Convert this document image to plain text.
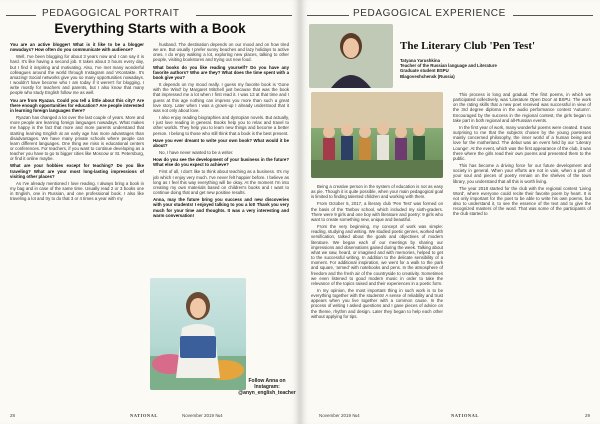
PEDAGOGICAL PORTRAIT
Everything Starts with a Book

You are an active blogger! What is it like to be a blogger nowadays? How often do you communicate with audience?

Well, I've been blogging for about 3 years now and I can say it is hard. It's like having a second job. It takes about 3 hours every day, but I find it inspiring and motivating. Also, I've met many wonderful colleagues around the world through Instagram and VKontakte. It's amazing! Social networks give you so many opportunities nowadays. I wouldn't have become who I am today if it weren't for blogging. I write mostly for teachers and parents, but I also know that many people who study English follow me as well.

You are from Ryazan. Could you tell a little about this city? Are there enough opportunities for education? Are people interested in learning foreign languages there?

Ryazan has changed a lot over the last couple of years. More and more people are learning foreign languages nowadays. What makes me happy is the fact that more and more parents understand that starting learning English at an early age has more advantages than disadvantages. We have many private schools where people can learn different languages. One thing we miss is educational centers or conferences. For teachers, if you want to continue developing as a teacher you have to go to bigger cities like Moscow or St. Petersburg, or find it online maybe.

What are your hobbies except for teaching? Do you like traveling? What are your most long-lasting impressions of visiting other places?

As I've already mentioned I love reading. I always bring a book in my bag and in case of the same time. Usually read 2 or 3 books one in English, one in Russian, and one professional book. I also like traveling a lot and try to do that 3 or 4 times a year with my

husband. The destination depends on our mood and on how tired we are. But usually I prefer sunny beaches and lazy holidays to active ones. I do enjoy walking a lot, exploring new places, talking to other people, visiting bookstores and trying out new food.

What books do you like reading yourself? Do you have any favorite authors? Who are they? What does the time spent with a book give you?

It depends on my mood really. I guess my favorite book is 'Gone with the Wind' by Margaret Mitchell just because that was the book that impressed me a lot when I first read it. I was 13 at that time and I guess at this age nothing can impress you more than such a great love story. Later when I was a grown-up I already understood that it was not only about love.

I also enjoy reading biographies and dystopian novels. But actually, I just love reading in general. Books help you to relax and travel to other worlds. They help you to learn new things and become a better person. I belong to those who still think that a book is the best present.

Have you ever dreamt to write your own book? What would it be about?

No, I have never wanted to be a writer.

How do you see the development of your business in the future? What else do you expect to achieve?

First of all, I don't like to think about teaching as a business. It's my job which I enjoy very much. I've never felt happier before. I believe as long as I feel this way everything will be okay. At the moment I'm into creating my own materials based on children's books and I want to continue doing that and get new positive results.

Anna, may the future bring you success and new discoveries with your students! I enjoyed talking to you a lot! Thank you very much for your time and thoughts. It was a very interesting and warm conversation!

Follow Anna on Instagram: @anyn_english_teacher
28	NATIONAL	November 2019 №4
PEDAGOGICAL EXPERIENCE
The Literary Club 'Pen Test'
Tatyana Yarushkina
Teacher of the Russian language and Literature
Graduate student BSPU
Blagoveshchensk (Russia)

Being a creative person in the system of education is not as easy as pie. Though it is quite possible, when your main pedagogical goal is limited to finding talented children and working with them.

From October 5, 2017, a literary club 'Pen Test' was formed on the basis of the Tanbov school, which included my sixth-graders. There were 9 girls and one boy with literature and poetry: 9 girls who want to create something new, unique and beautiful.

From the very beginning, my concept of work was simple: reading, studying and writing. We studied poetic genres, worked with versification, talked about the goals and objectives of modern literature. We began each of our meetings by sharing our impressions and observations gained during the week. Talking about what we saw, heard, or imagined and with memories, helped to get to the successful writing. In addition to the delicate sensibility of a moment. For additional inspiration, we went for a walk to the park and square, 'armed' with notebooks and pens. In the atmosphere of freedom and the fresh air of the countryside to creativity. Sometimes we even listened to good modern music in order to take the relevance of the topics raised and their experiences in a poetic form.

In my opinion, the most important thing in such work is to be everything together with the students! A sense of reliability and trust appears when you live together with a common cause. In the process of writing I asked questions and I gave pieces of advice on the theme, rhythm and design. Later they began to help each other without applying for tips.

This process is long and gradual. The first poems, in which we participated collectively, was 'Literature Open Door' at BSPU. The work on the rating skills that a new poet received was successful in view of the 3rd degree diploma in the audio performance contest 'Autumn'. Encouraged by the success in the regional contest, the girls began to take part in both regional and all-Russian events.

In the first year of work, many wonderful poems were created. It was surprising to me that the subjects chosen by the young poetesses mainly concerned philosophy, the inner world of a human being and love for the motherland. The debut was an event held by our 'Literary Lounge'. At the event, which was the first appearance of the club, it was there where the girls read their own poems and presented them to the public.

This has become a driving force for our future development and society in general. When your efforts are not in vain, when a part of your soul and pieces of poetry remain on the shelves of the town library, you understand that all this is worth living.

The year 2018 started for the club with the regional contest 'Living Word', where everyone could recite their favorite poem by heart. It is not only important for the poet to be able to write his own poems, but also to understand it, to see the essence of the text and to give the recognized masters of the word. That was some of the participants of the club started to

November 2019 №4	NATIONAL	29
